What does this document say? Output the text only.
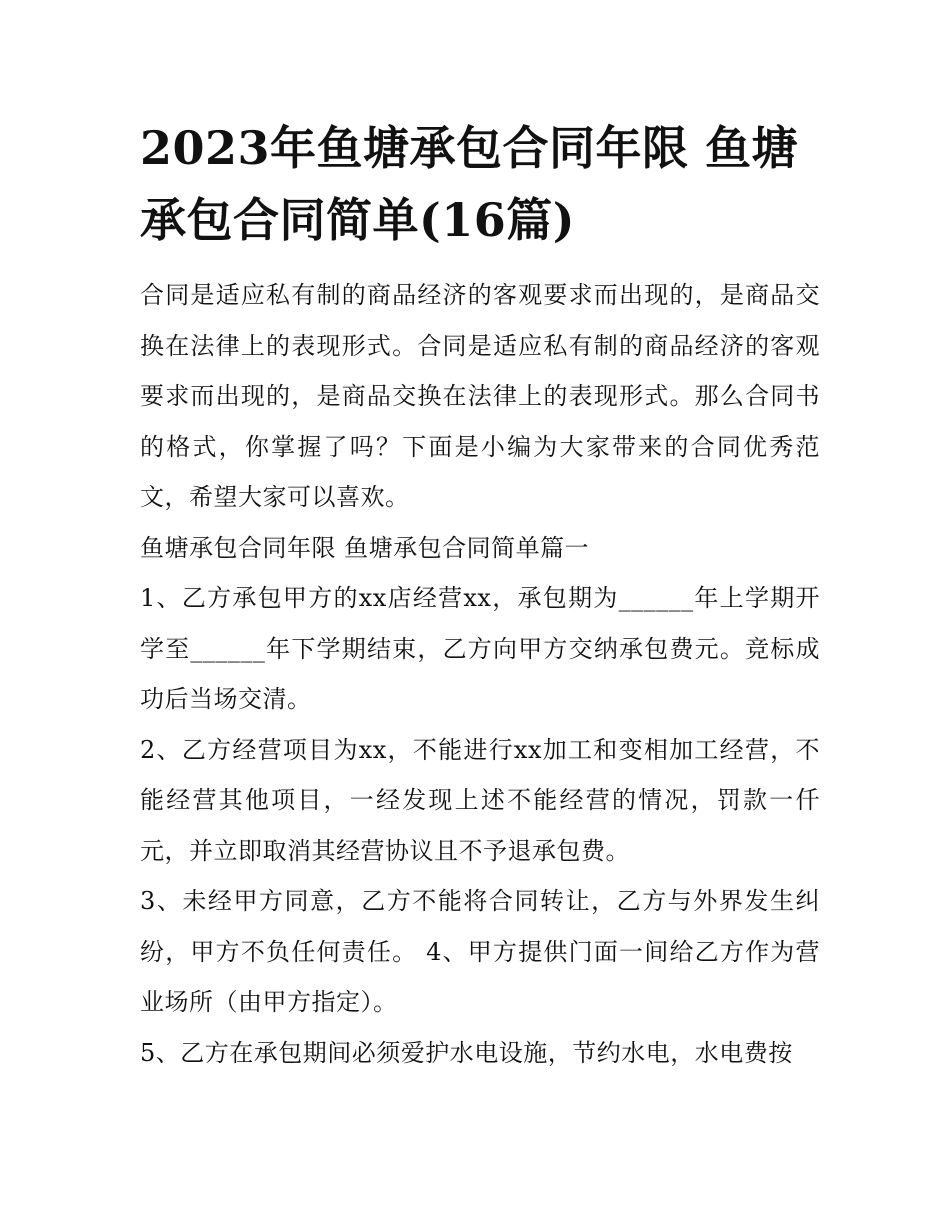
2023年鱼塘承包合同年限 鱼塘承包合同简单(16篇)

合同是适应私有制的商品经济的客观要求而出现的，是商品交换在法律上的表现形式。合同是适应私有制的商品经济的客观要求而出现的，是商品交换在法律上的表现形式。那么合同书的格式，你掌握了吗？下面是小编为大家带来的合同优秀范文，希望大家可以喜欢。

鱼塘承包合同年限 鱼塘承包合同简单篇一

1、乙方承包甲方的xx店经营xx，承包期为______年上学期开学至______年下学期结束，乙方向甲方交纳承包费元。竞标成功后当场交清。

2、乙方经营项目为xx，不能进行xx加工和变相加工经营，不能经营其他项目，一经发现上述不能经营的情况，罚款一仟元，并立即取消其经营协议且不予退承包费。

3、未经甲方同意，乙方不能将合同转让，乙方与外界发生纠纷，甲方不负任何责任。 4、甲方提供门面一间给乙方作为营业场所（由甲方指定）。

5、乙方在承包期间必须爱护水电设施，节约水电，水电费按
